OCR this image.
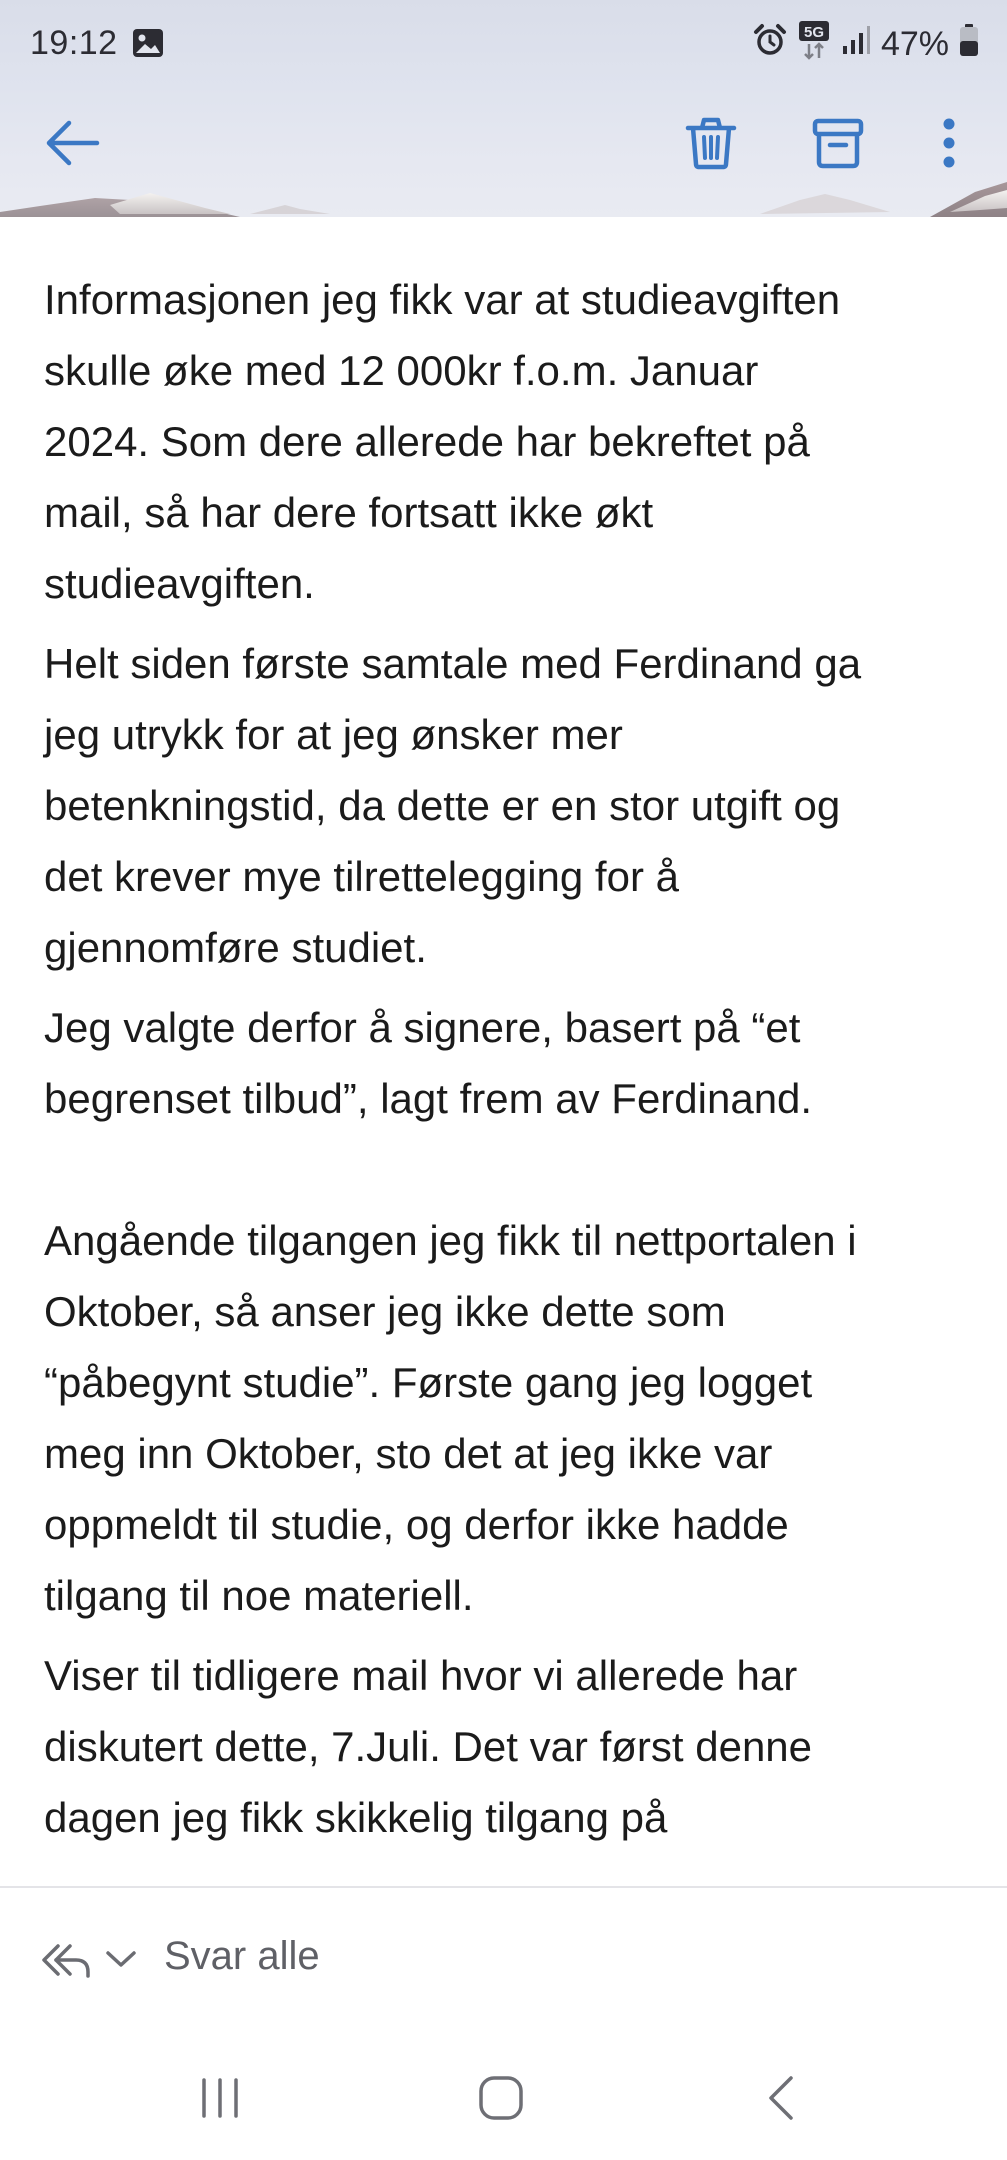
19:12	5G 47%

Informasjonen jeg fikk var at studieavgiften
skulle øke med 12 000kr f.o.m. Januar
2024. Som dere allerede har bekreftet på
mail, så har dere fortsatt ikke økt
studieavgiften.

Helt siden første samtale med Ferdinand ga
jeg utrykk for at jeg ønsker mer
betenkningstid, da dette er en stor utgift og
det krever mye tilrettelegging for å
gjennomføre studiet.

Jeg valgte derfor å signere, basert på “et
begrenset tilbud”, lagt frem av Ferdinand.

Angående tilgangen jeg fikk til nettportalen i
Oktober, så anser jeg ikke dette som
“påbegynt studie”. Første gang jeg logget
meg inn Oktober, sto det at jeg ikke var
oppmeldt til studie, og derfor ikke hadde
tilgang til noe materiell.

Viser til tidligere mail hvor vi allerede har
diskutert dette, 7.Juli. Det var først denne
dagen jeg fikk skikkelig tilgang på

Svar alle
